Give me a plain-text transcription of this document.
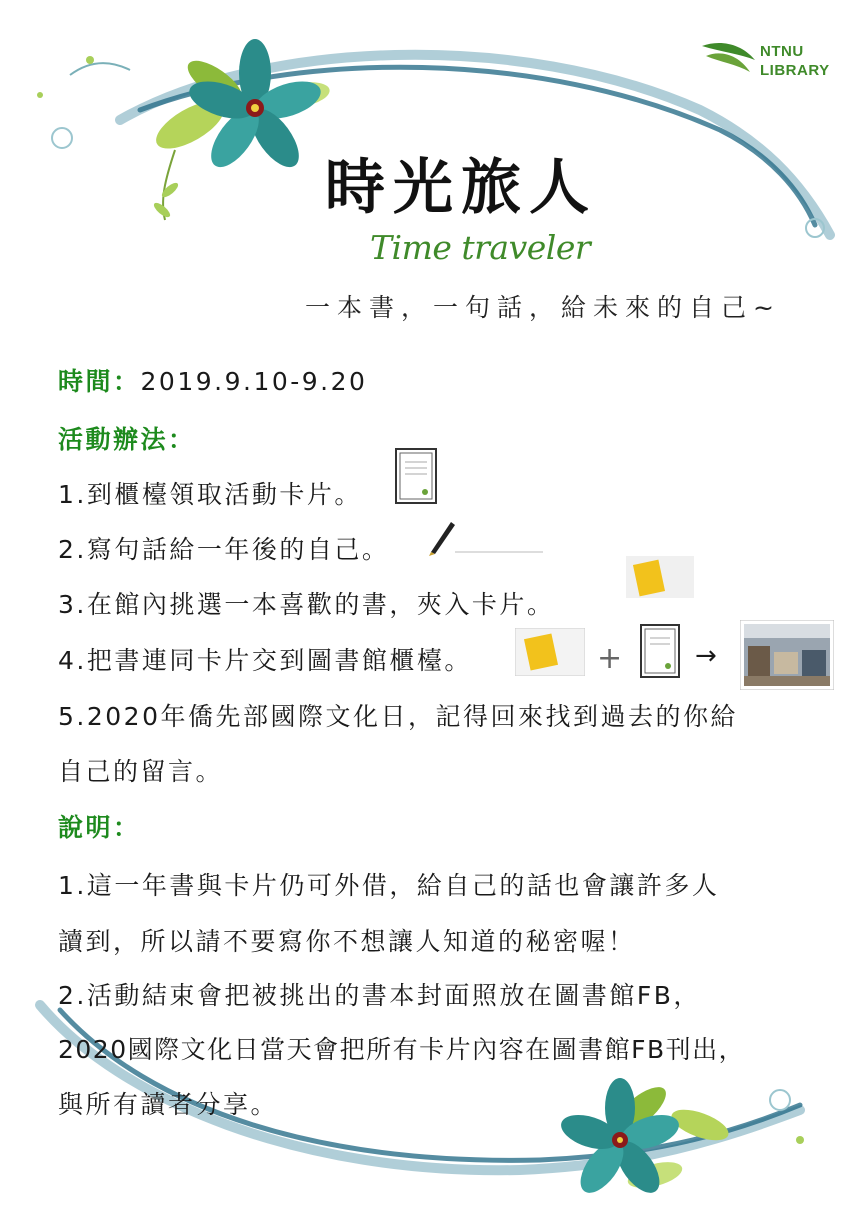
NTNU
LIBRARY
時光旅人
Time traveler
一本書，一句話，給未來的自己~
時間：2019.9.10-9.20
活動辦法：
1.到櫃檯領取活動卡片。
2.寫句話給一年後的自己。
3.在館內挑選一本喜歡的書，夾入卡片。
4.把書連同卡片交到圖書館櫃檯。
5.2020年僑先部國際文化日，記得回來找到過去的你給
自己的留言。
+	→
說明：
1.這一年書與卡片仍可外借，給自己的話也會讓許多人
讀到，所以請不要寫你不想讓人知道的秘密喔！
2.活動結束會把被挑出的書本封面照放在圖書館FB，
2020國際文化日當天會把所有卡片內容在圖書館FB刊出，
與所有讀者分享。
